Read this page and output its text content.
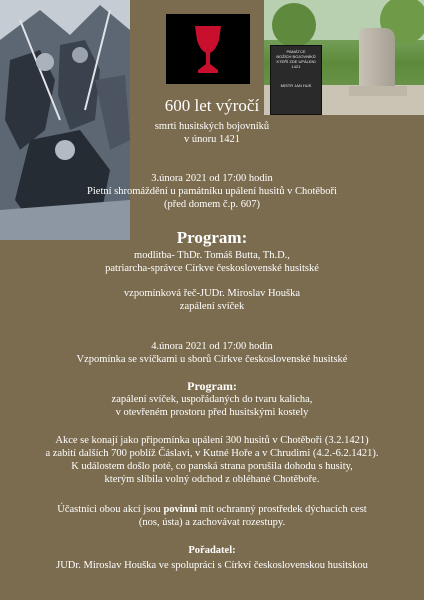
PAMÁTCE
BOŽÍCH BOJOVNÍKŮ
KTEŘÍ ZDE UPÁLENI
1421
MISTR JAN HUS
600 let výročí
smrti husitských bojovníků
v únoru 1421
3.února 2021 od 17:00 hodin
Pietní shromáždění u památníku upálení husitů v Chotěboři
(před domem č.p. 607)
Program:
modlitba- ThDr. Tomáš Butta, Th.D.,
patriarcha-správce Církve československé husitské
vzpomínková řeč-JUDr. Miroslav Houška
zapálení svíček
4.února 2021 od 17:00 hodin
Vzpomínka se svíčkami u sborů Církve československé husitské
Program:
zapálení svíček, uspořádaných do tvaru kalicha,
v otevřeném prostoru před husitskými kostely
Akce se konají jako připomínka upálení 300 husitů v Chotěboři (3.2.1421)
a zabití dalších 700 poblíž Čáslavi, v Kutné Hoře a v Chrudimi (4.2.-6.2.1421).
K událostem došlo poté, co panská strana porušila dohodu s husity,
kterým slíbila volný odchod z obléhané Chotěboře.
Účastníci obou akcí jsou povinni mít ochranný prostředek dýchacích cest
(nos, ústa) a zachovávat rozestupy.
Pořadatel:
JUDr. Miroslav Houška ve spolupráci s Církví československou husitskou
